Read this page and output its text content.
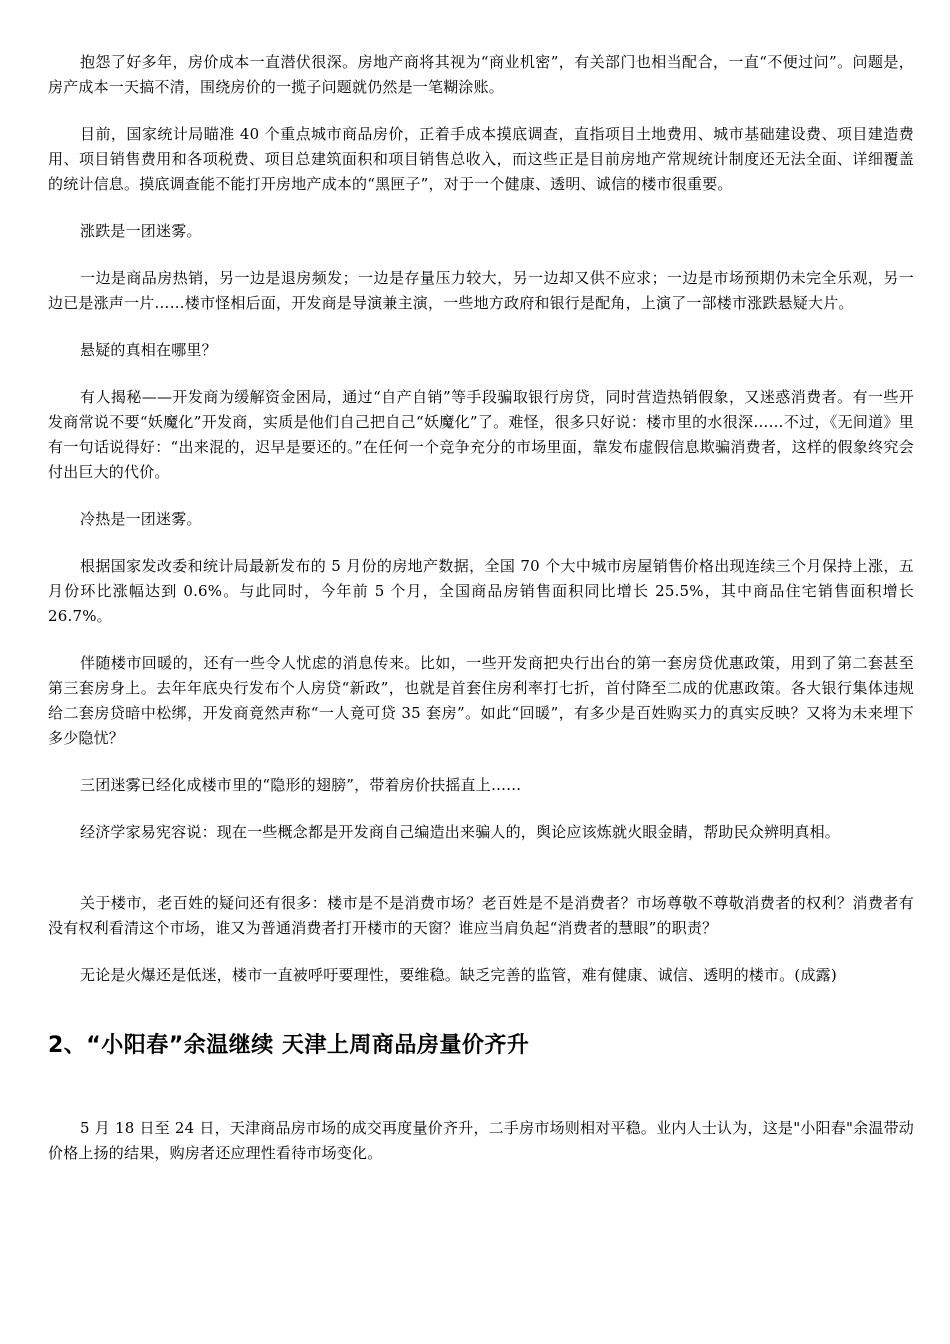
抱怨了好多年，房价成本一直潜伏很深。房地产商将其视为“商业机密”，有关部门也相当配合，一直“不便过问”。问题是，房产成本一天搞不清，围绕房价的一揽子问题就仍然是一笔糊涂账。

目前，国家统计局瞄准 40 个重点城市商品房价，正着手成本摸底调查，直指项目土地费用、城市基础建设费、项目建造费用、项目销售费用和各项税费、项目总建筑面积和项目销售总收入，而这些正是目前房地产常规统计制度还无法全面、详细覆盖的统计信息。摸底调查能不能打开房地产成本的“黑匣子”，对于一个健康、透明、诚信的楼市很重要。

涨跌是一团迷雾。

一边是商品房热销，另一边是退房频发；一边是存量压力较大，另一边却又供不应求；一边是市场预期仍未完全乐观，另一边已是涨声一片……楼市怪相后面，开发商是导演兼主演，一些地方政府和银行是配角，上演了一部楼市涨跌悬疑大片。

悬疑的真相在哪里？

有人揭秘——开发商为缓解资金困局，通过“自产自销”等手段骗取银行房贷，同时营造热销假象，又迷惑消费者。有一些开发商常说不要“妖魔化”开发商，实质是他们自己把自己“妖魔化”了。难怪，很多只好说：楼市里的水很深……不过，《无间道》里有一句话说得好：“出来混的，迟早是要还的。”在任何一个竞争充分的市场里面，靠发布虚假信息欺骗消费者，这样的假象终究会付出巨大的代价。

冷热是一团迷雾。

根据国家发改委和统计局最新发布的 5 月份的房地产数据，全国 70 个大中城市房屋销售价格出现连续三个月保持上涨，五月份环比涨幅达到 0.6%。与此同时，今年前 5 个月，全国商品房销售面积同比增长 25.5%，其中商品住宅销售面积增长 26.7%。

伴随楼市回暖的，还有一些令人忧虑的消息传来。比如，一些开发商把央行出台的第一套房贷优惠政策，用到了第二套甚至第三套房身上。去年年底央行发布个人房贷“新政”，也就是首套住房利率打七折，首付降至二成的优惠政策。各大银行集体违规给二套房贷暗中松绑，开发商竟然声称“一人竟可贷 35 套房”。如此“回暖”，有多少是百姓购买力的真实反映？又将为未来埋下多少隐忧？

三团迷雾已经化成楼市里的“隐形的翅膀”，带着房价扶摇直上……

经济学家易宪容说：现在一些概念都是开发商自己编造出来骗人的，舆论应该炼就火眼金睛，帮助民众辨明真相。

关于楼市，老百姓的疑问还有很多：楼市是不是消费市场？老百姓是不是消费者？市场尊敬不尊敬消费者的权利？消费者有没有权利看清这个市场，谁又为普通消费者打开楼市的天窗？谁应当肩负起“消费者的慧眼”的职责？

无论是火爆还是低迷，楼市一直被呼吁要理性，要维稳。缺乏完善的监管，难有健康、诚信、透明的楼市。(成露)

2、“小阳春”余温继续 天津上周商品房量价齐升

5 月 18 日至 24 日，天津商品房市场的成交再度量价齐升，二手房市场则相对平稳。业内人士认为，这是"小阳春"余温带动价格上扬的结果，购房者还应理性看待市场变化。
